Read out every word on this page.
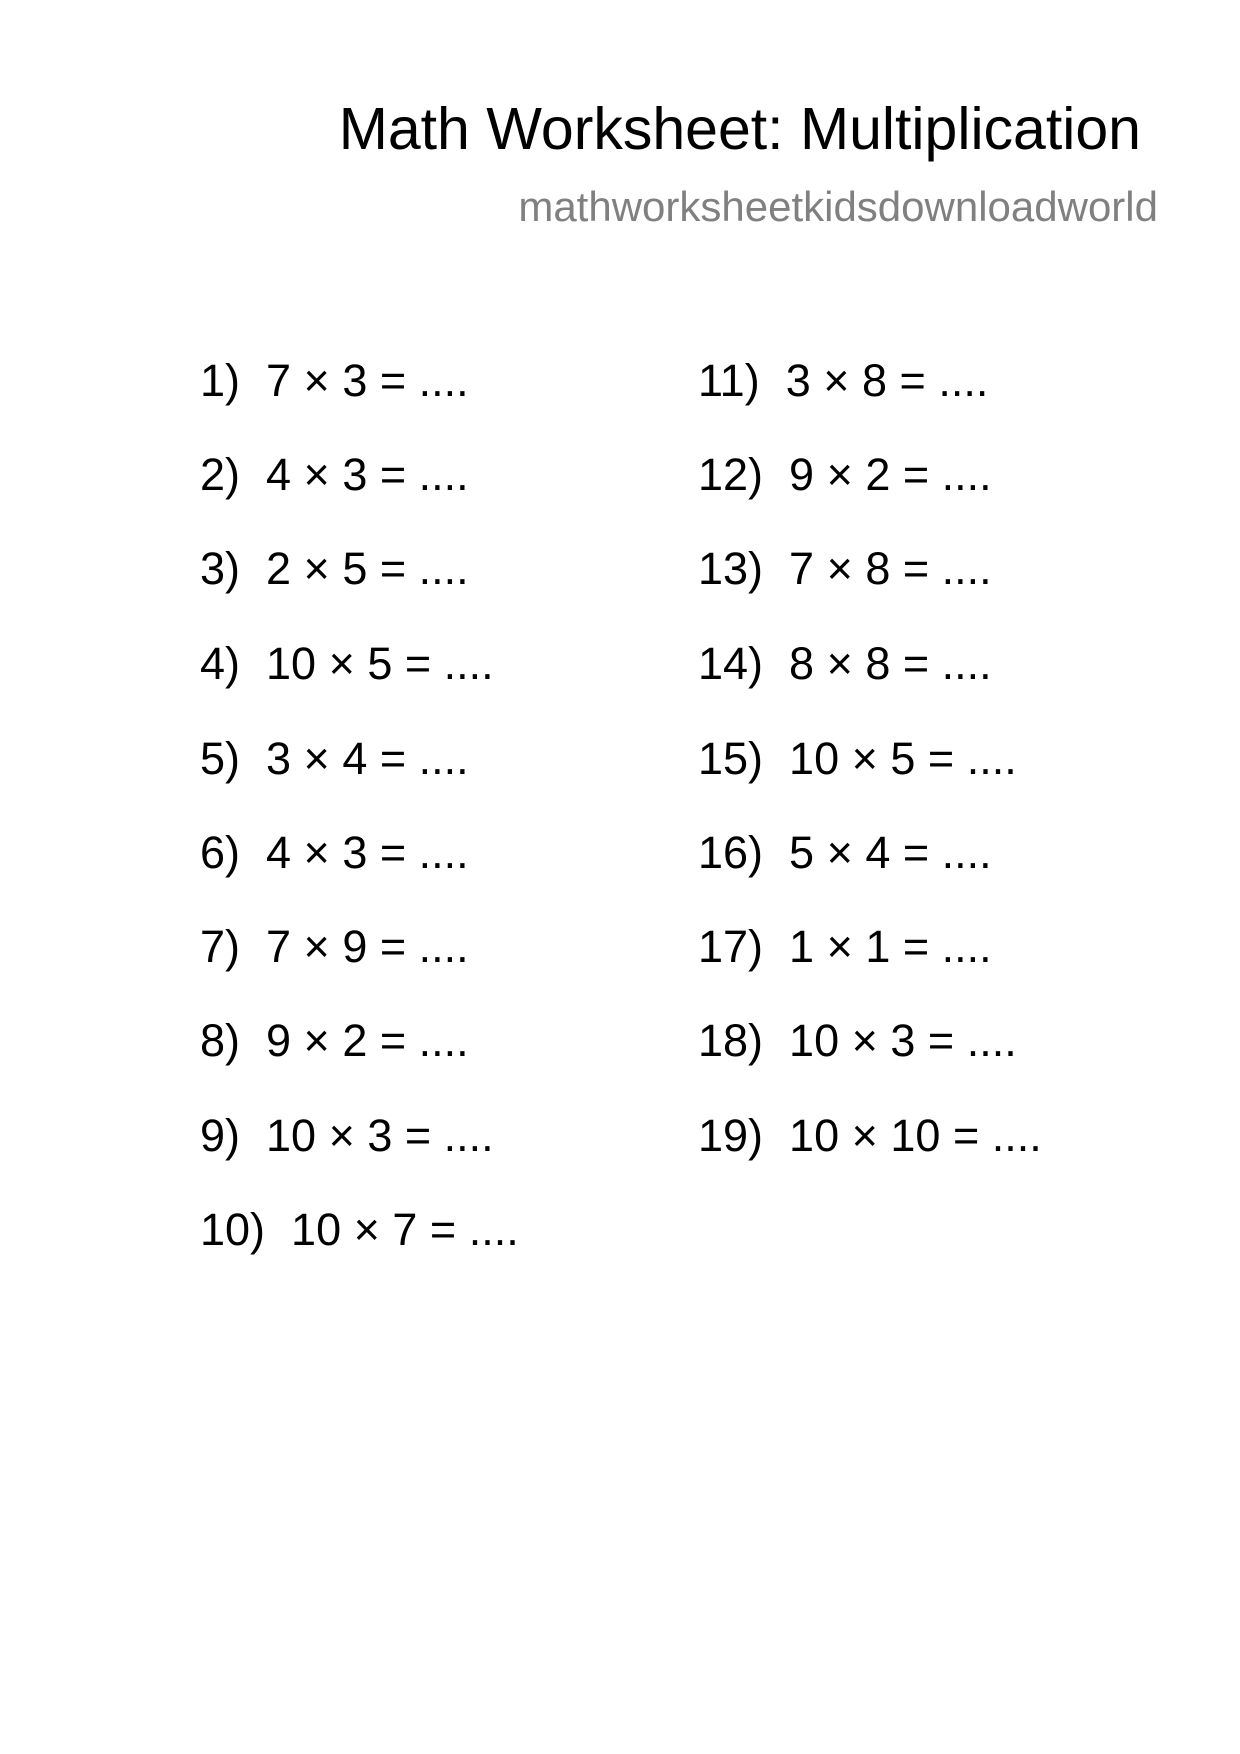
Math Worksheet: Multiplication
mathworksheetkidsdownloadworld
1) 7 × 3 = ....
2) 4 × 3 = ....
3) 2 × 5 = ....
4) 10 × 5 = ....
5) 3 × 4 = ....
6) 4 × 3 = ....
7) 7 × 9 = ....
8) 9 × 2 = ....
9) 10 × 3 = ....
10) 10 × 7 = ....
11) 3 × 8 = ....
12) 9 × 2 = ....
13) 7 × 8 = ....
14) 8 × 8 = ....
15) 10 × 5 = ....
16) 5 × 4 = ....
17) 1 × 1 = ....
18) 10 × 3 = ....
19) 10 × 10 = ....
